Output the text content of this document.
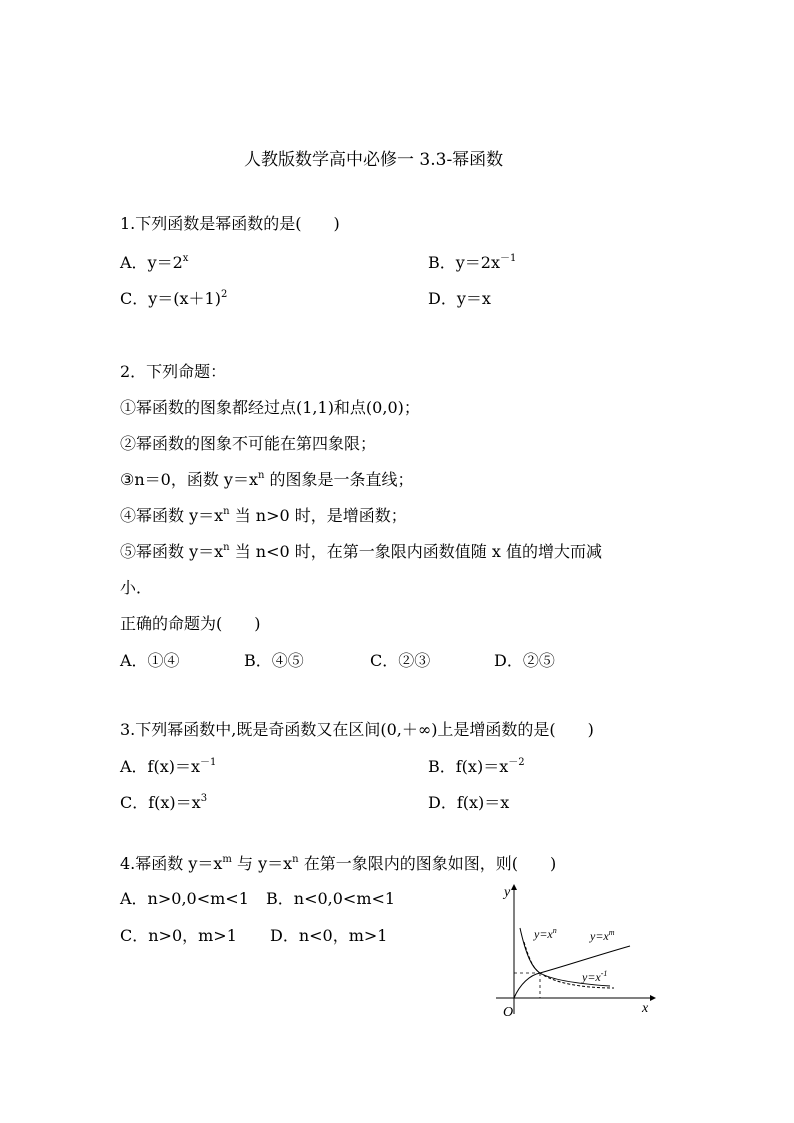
人教版数学高中必修一 3.3-幂函数
1.下列函数是幂函数的是(　　)
A．$y=2^x$	B．$y=2x^{-1}$
C．$y=(x+1)^2$	D．y＝x
2．下列命题：
①幂函数的图象都经过点(1,1)和点(0,0)；
②幂函数的图象不可能在第四象限；
③n＝0，函数 $y=x^n$ 的图象是一条直线；
④幂函数 $y=x^n$ 当 n>0 时，是增函数；
⑤幂函数 $y=x^n$ 当 n<0 时，在第一象限内函数值随 x 值的增大而减
小．
正确的命题为(　　)
A．①④	B．④⑤	C．②③	D．②⑤
3.下列幂函数中,既是奇函数又在区间(0,＋∞)上是增函数的是(　　)
A．$f(x)=x^{-1}$	B．$f(x)=x^{-2}$
C．$f(x)=x^3$	D．f(x)＝x
4.幂函数 $y=x^m$ 与 $y=x^n$ 在第一象限内的图象如图，则(　　)
A．n>0,0<m<1 B．n<0,0<m<1
C．n>0，m>1 D．n<0，m>1
y
x
O
$y=x^n$	$y=x^m$
$y=x^{-1}$
